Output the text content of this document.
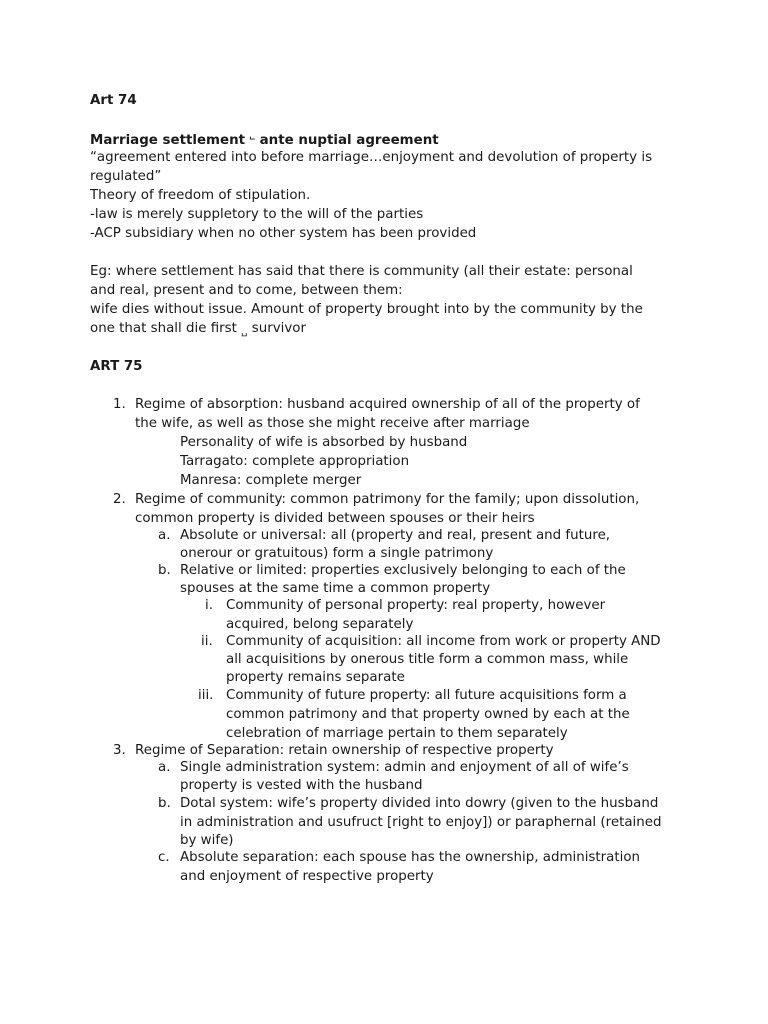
Art 74
Marriage settlement ⨽ ante nuptial agreement
“agreement entered into before marriage…enjoyment and devolution of property is
regulated”
Theory of freedom of stipulation.
-law is merely suppletory to the will of the parties
-ACP subsidiary when no other system has been provided
Eg: where settlement has said that there is community (all their estate: personal
and real, present and to come, between them:
wife dies without issue. Amount of property brought into by the community by the
one that shall die first ␣ survivor
ART 75
1. Regime of absorption: husband acquired ownership of all of the property of
the wife, as well as those she might receive after marriage
Personality of wife is absorbed by husband
Tarragato: complete appropriation
Manresa: complete merger
2. Regime of community: common patrimony for the family; upon dissolution,
common property is divided between spouses or their heirs
a. Absolute or universal: all (property and real, present and future,
onerour or gratuitous) form a single patrimony
b. Relative or limited: properties exclusively belonging to each of the
spouses at the same time a common property
i. Community of personal property: real property, however
acquired, belong separately
ii. Community of acquisition: all income from work or property AND
all acquisitions by onerous title form a common mass, while
property remains separate
iii. Community of future property: all future acquisitions form a
common patrimony and that property owned by each at the
celebration of marriage pertain to them separately
3. Regime of Separation: retain ownership of respective property
a. Single administration system: admin and enjoyment of all of wife’s
property is vested with the husband
b. Dotal system: wife’s property divided into dowry (given to the husband
in administration and usufruct [right to enjoy]) or paraphernal (retained
by wife)
c. Absolute separation: each spouse has the ownership, administration
and enjoyment of respective property
